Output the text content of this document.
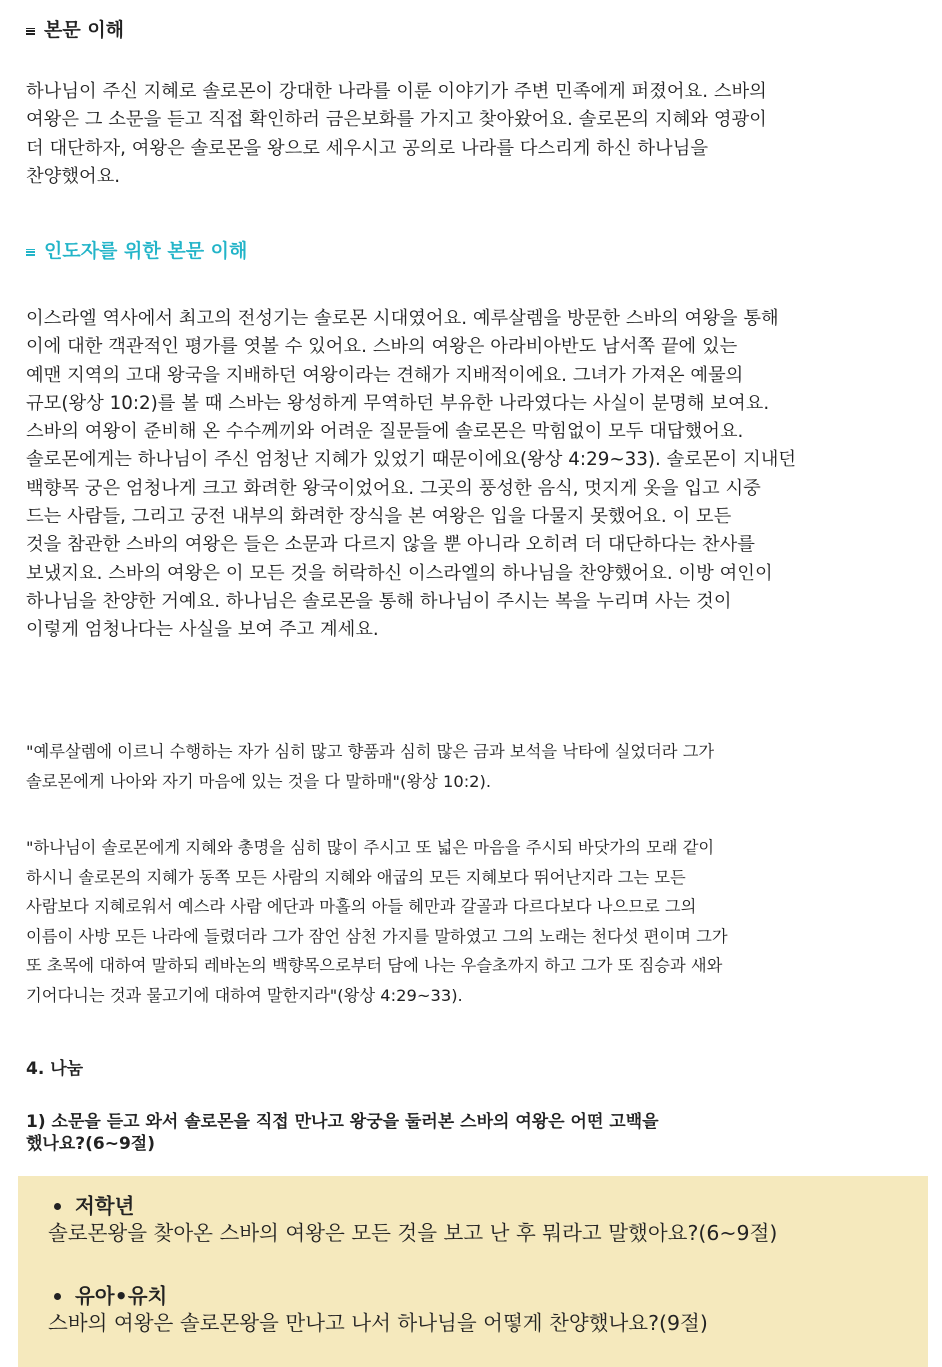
본문 이해
하나님이 주신 지혜로 솔로몬이 강대한 나라를 이룬 이야기가 주변 민족에게 퍼졌어요. 스바의
여왕은 그 소문을 듣고 직접 확인하러 금은보화를 가지고 찾아왔어요. 솔로몬의 지혜와 영광이
더 대단하자, 여왕은 솔로몬을 왕으로 세우시고 공의로 나라를 다스리게 하신 하나님을
찬양했어요.
인도자를 위한 본문 이해
이스라엘 역사에서 최고의 전성기는 솔로몬 시대였어요. 예루살렘을 방문한 스바의 여왕을 통해
이에 대한 객관적인 평가를 엿볼 수 있어요. 스바의 여왕은 아라비아반도 남서쪽 끝에 있는
예맨 지역의 고대 왕국을 지배하던 여왕이라는 견해가 지배적이에요. 그녀가 가져온 예물의
규모(왕상 10:2)를 볼 때 스바는 왕성하게 무역하던 부유한 나라였다는 사실이 분명해 보여요.
스바의 여왕이 준비해 온 수수께끼와 어려운 질문들에 솔로몬은 막힘없이 모두 대답했어요.
솔로몬에게는 하나님이 주신 엄청난 지혜가 있었기 때문이에요(왕상 4:29~33). 솔로몬이 지내던
백향목 궁은 엄청나게 크고 화려한 왕국이었어요. 그곳의 풍성한 음식, 멋지게 옷을 입고 시중
드는 사람들, 그리고 궁전 내부의 화려한 장식을 본 여왕은 입을 다물지 못했어요. 이 모든
것을 참관한 스바의 여왕은 들은 소문과 다르지 않을 뿐 아니라 오히려 더 대단하다는 찬사를
보냈지요. 스바의 여왕은 이 모든 것을 허락하신 이스라엘의 하나님을 찬양했어요. 이방 여인이
하나님을 찬양한 거예요. 하나님은 솔로몬을 통해 하나님이 주시는 복을 누리며 사는 것이
이렇게 엄청나다는 사실을 보여 주고 계세요.
"예루살렘에 이르니 수행하는 자가 심히 많고 향품과 심히 많은 금과 보석을 낙타에 실었더라 그가
솔로몬에게 나아와 자기 마음에 있는 것을 다 말하매"(왕상 10:2).
"하나님이 솔로몬에게 지혜와 총명을 심히 많이 주시고 또 넓은 마음을 주시되 바닷가의 모래 같이
하시니 솔로몬의 지혜가 동쪽 모든 사람의 지혜와 애굽의 모든 지혜보다 뛰어난지라 그는 모든
사람보다 지혜로워서 예스라 사람 에단과 마홀의 아들 헤만과 갈골과 다르다보다 나으므로 그의
이름이 사방 모든 나라에 들렸더라 그가 잠언 삼천 가지를 말하였고 그의 노래는 천다섯 편이며 그가
또 초목에 대하여 말하되 레바논의 백향목으로부터 담에 나는 우슬초까지 하고 그가 또 짐승과 새와
기어다니는 것과 물고기에 대하여 말한지라"(왕상 4:29~33).
4. 나눔
1) 소문을 듣고 와서 솔로몬을 직접 만나고 왕궁을 둘러본 스바의 여왕은 어떤 고백을
했나요?(6~9절)
저학년
솔로몬왕을 찾아온 스바의 여왕은 모든 것을 보고 난 후 뭐라고 말했아요?(6~9절)
유아•유치
스바의 여왕은 솔로몬왕을 만나고 나서 하나님을 어떻게 찬양했나요?(9절)
